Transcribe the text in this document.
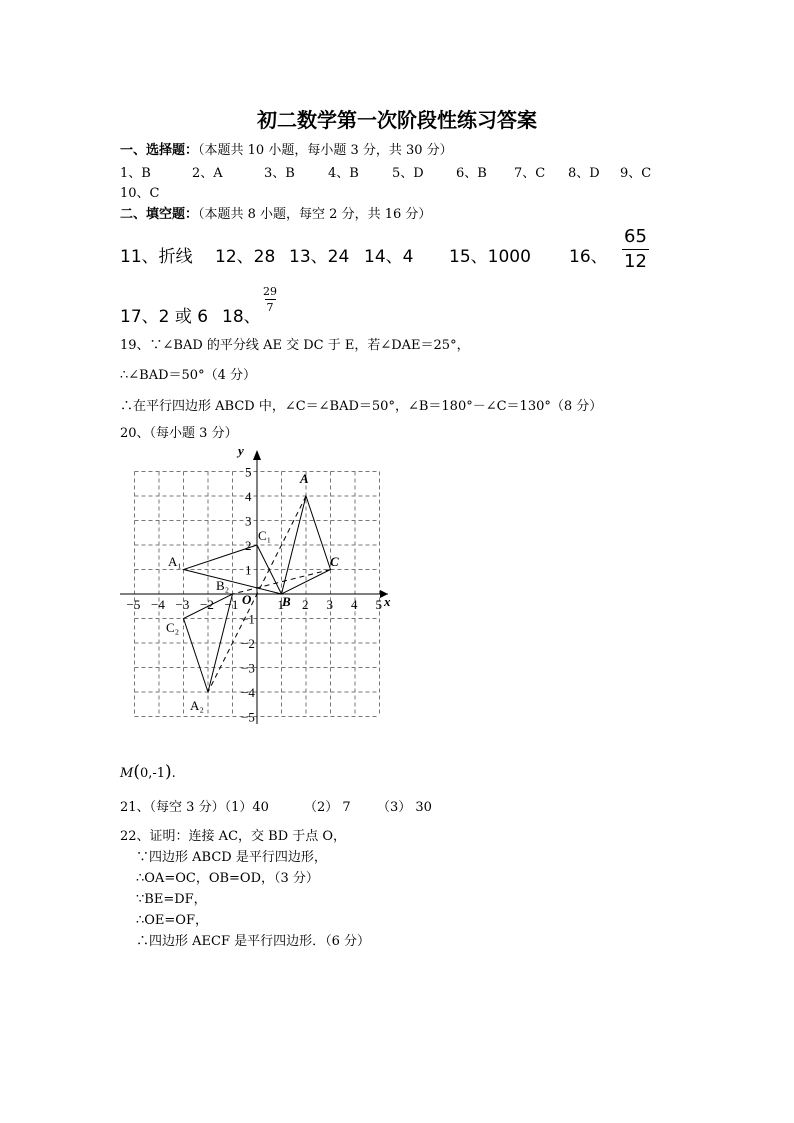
初二数学第一次阶段性练习答案
一、选择题：（本题共 10 小题，每小题 3 分，共 30 分）
1、B	2、A	3、B	4、B	5、D 6、B 7、C 8、D 9、C
10、C
二、填空题：（本题共 8 小题，每空 2 分，共 16 分）
11、折线 12、28 13、24 14、4 15、1000 16、 $\frac{65}{12}$
17、2 或 6 18、
$\frac{29}{7}$
19、∵∠BAD 的平分线 AE 交 DC 于 E，若∠DAE＝25°，
∴∠BAD＝50°（4 分）
∴在平行四边形 ABCD 中，∠C＝∠BAD＝50°，∠B＝180°－∠C＝130°（8 分）
20、（每小题 3 分）
x
y
O
−5 −4 −3 −2 −1	1 2 3 4 5
5
4
3
2
1
−1
−2
−3
−4
−5
A
B
C
A₁
C₁
A₂
B₂
C₂
M(0,-1).
21、（每空 3 分）（1）40	（2） 7 （3） 30
22、证明：连接 AC，交 BD 于点 O，
∵四边形 ABCD 是平行四边形，
∴OA=OC，OB=OD，（3 分）
∵BE=DF，
∴OE=OF，
∴四边形 AECF 是平行四边形．（6 分）
